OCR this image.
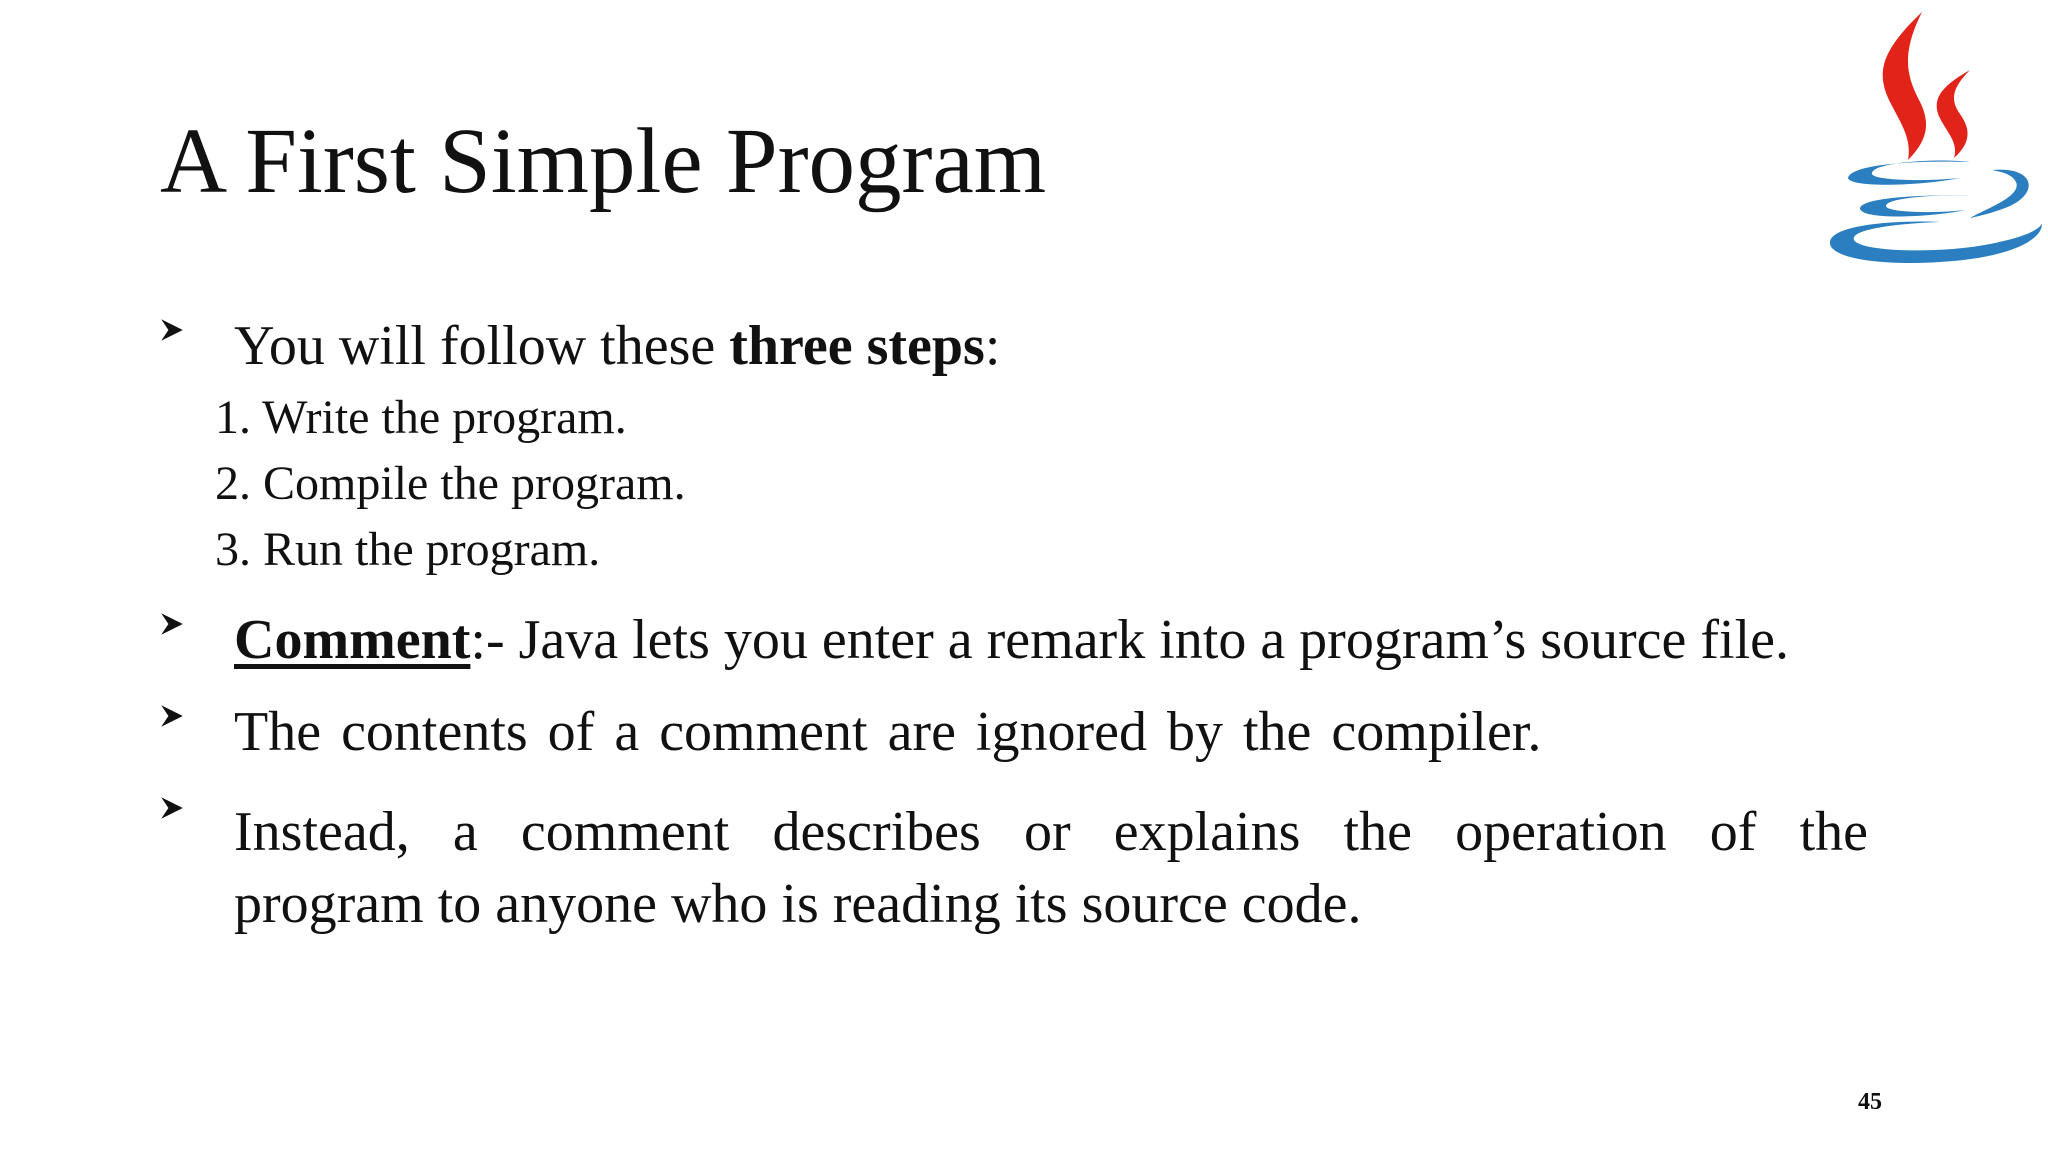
A First Simple Program
You will follow these three steps:
1. Write the program.
2. Compile the program.
3. Run the program.
Comment:- Java lets you enter a remark into a program’s source file.
The contents of a comment are ignored by the compiler.
Instead, a comment describes or explains the operation of the
program to anyone who is reading its source code.
45
